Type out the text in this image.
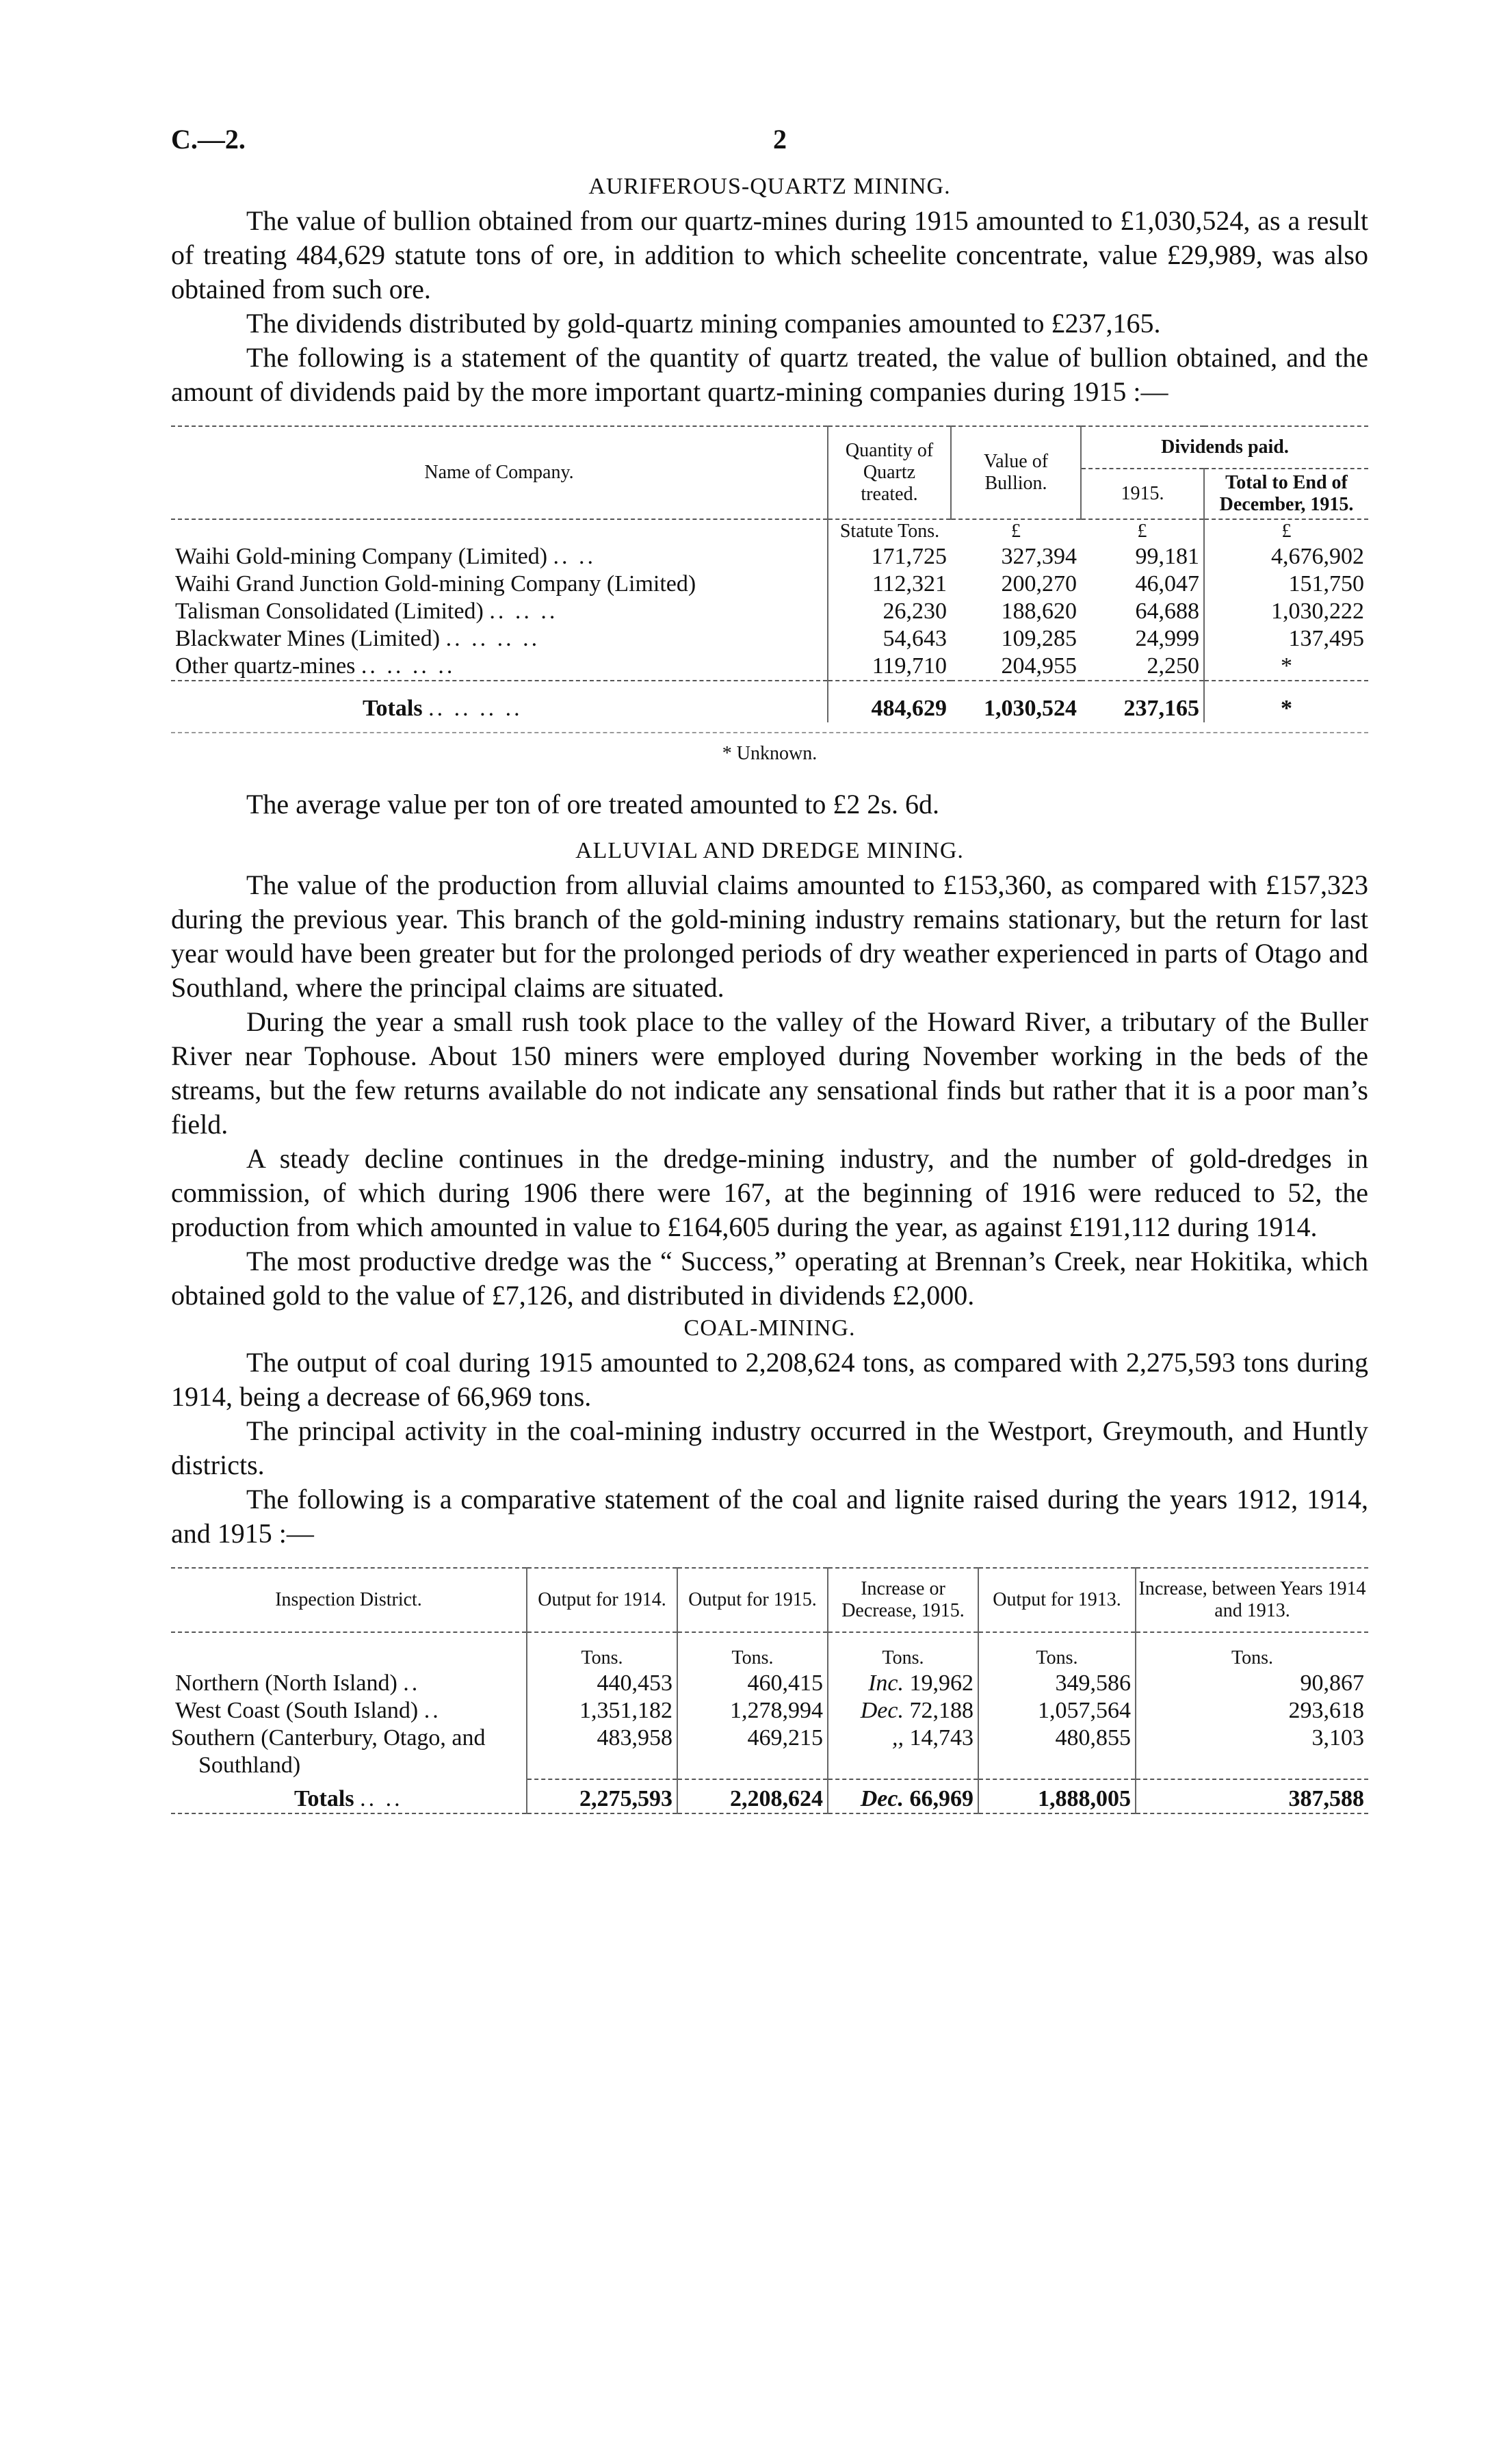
C.—2.	2
AURIFEROUS-QUARTZ MINING.

The value of bullion obtained from our quartz-mines during 1915 amounted to £1,030,524, as a result of treating 484,629 statute tons of ore, in addition to which scheelite concentrate, value £29,989, was also obtained from such ore.

The dividends distributed by gold-quartz mining companies amounted to £237,165.

The following is a statement of the quantity of quartz treated, the value of bullion obtained, and the amount of dividends paid by the more important quartz-mining companies during 1915 :—

Name of Company.	Quantity of Quartz treated.	Value of Bullion.	Dividends paid.	
			1915.	Total to End of December, 1915.
	Statute Tons.	£	£	£
Waihi Gold-mining Company (Limited) .. ..	171,725	327,394	99,181	4,676,902
Waihi Grand Junction Gold-mining Company (Limited)	112,321	200,270	46,047	151,750
Talisman Consolidated (Limited) .. .. ..	26,230	188,620	64,688	1,030,222
Blackwater Mines (Limited) .. .. .. ..	54,643	109,285	24,999	137,495
Other quartz-mines .. .. .. ..	119,710	204,955	2,250	*
Totals .. .. .. ..	484,629	1,030,524	237,165	*
* Unknown.
The average value per ton of ore treated amounted to £2 2s. 6d.
ALLUVIAL AND DREDGE MINING.

The value of the production from alluvial claims amounted to £153,360, as compared with £157,323 during the previous year. This branch of the gold-mining industry remains stationary, but the return for last year would have been greater but for the prolonged periods of dry weather experienced in parts of Otago and Southland, where the principal claims are situated.

During the year a small rush took place to the valley of the Howard River, a tributary of the Buller River near Tophouse. About 150 miners were employed during November working in the beds of the streams, but the few returns available do not indicate any sensational finds but rather that it is a poor man’s field.

A steady decline continues in the dredge-mining industry, and the number of gold-dredges in commission, of which during 1906 there were 167, at the beginning of 1916 were reduced to 52, the production from which amounted in value to £164,605 during the year, as against £191,112 during 1914.

The most productive dredge was the “ Success,” operating at Brennan’s Creek, near Hokitika, which obtained gold to the value of £7,126, and distributed in dividends £2,000.

COAL-MINING.

The output of coal during 1915 amounted to 2,208,624 tons, as compared with 2,275,593 tons during 1914, being a decrease of 66,969 tons.

The principal activity in the coal-mining industry occurred in the Westport, Greymouth, and Huntly districts.

The following is a comparative statement of the coal and lignite raised during the years 1912, 1914, and 1915 :—

Inspection District.	Output for 1914.	Output for 1915.	Increase or Decrease, 1915.	Output for 1913.	Increase, between Years 1914 and 1913.
	Tons.	Tons.	Tons.	Tons.	Tons.
Northern (North Island) ..	440,453	460,415	Inc. 19,962	349,586	90,867
West Coast (South Island) ..	1,351,182	1,278,994	Dec. 72,188	1,057,564	293,618
Southern (Canterbury, Otago, and Southland)	483,958	469,215	,, 14,743	480,855	3,103
Totals .. ..	2,275,593	2,208,624	Dec. 66,969	1,888,005	387,588
